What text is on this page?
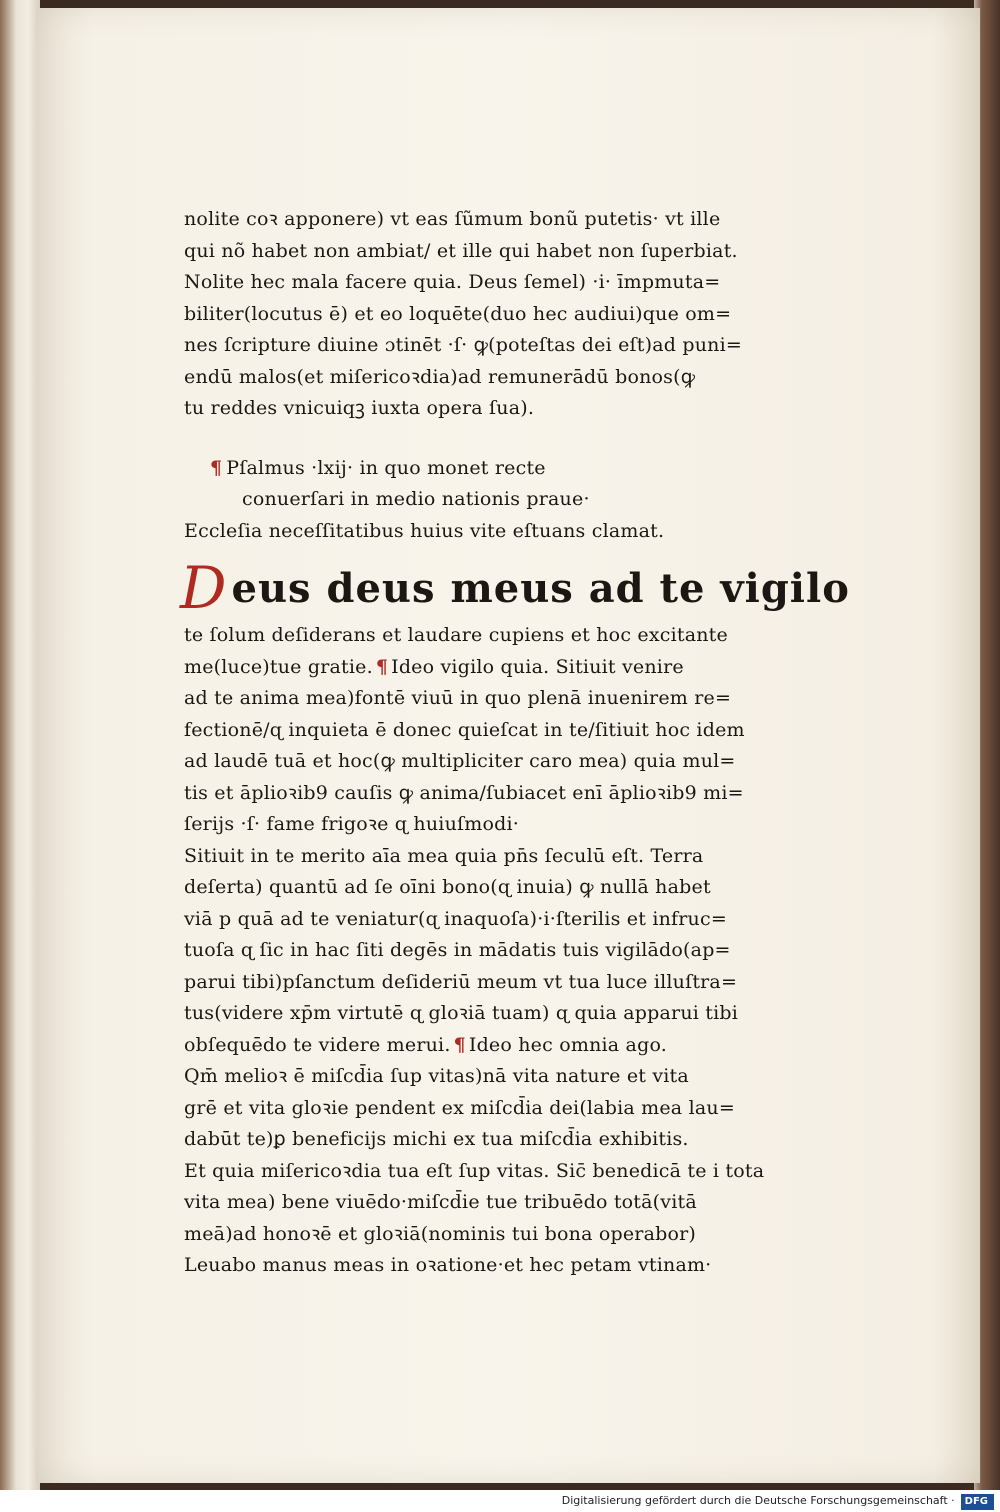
nolite coꝛ apponere) vt eas ſũmum bonũ putetis· vt ille
qui nõ habet non ambiat/ et ille qui habet non ſuperbiat.
Nolite hec mala facere quia. Deus ſemel) ·i· īmpmuta=
biliter(locutus ē) et eo loquēte(duo hec audiui)que om=
nes ſcripture diuine ɔtinēt ·ſ· ꝙ(poteſtas dei eſt)ad puni=
endū malos(et miſericoꝛdia)ad remunerādū bonos(ꝙ
tu reddes vnicuiqꝫ iuxta opera ſua).
¶ Pſalmus ·lxij· in quo monet recte
conuerſari in medio nationis praue·
Eccleſia neceſſitatibus huius vite eſtuans clamat.
D eus deus meus ad te vigilo
te ſolum deſiderans et laudare cupiens et hoc excitante
me(luce)tue gratie. ¶ Ideo vigilo quia. Sitiuit venire
ad te anima mea)fontē viuū in quo plenā inuenirem re=
fectionē/ɋ inquieta ē donec quieſcat in te/ſitiuit hoc idem
ad laudē tuā et hoc(ꝙ multipliciter caro mea) quia mul=
tis et āplioꝛib9 cauſis ꝙ anima/ſubiacet enī āplioꝛib9 mi=
ſerijs ·ſ· fame frigoꝛe ɋ huiuſmodi·
Sitiuit in te merito aīa mea quia pn̄s ſeculū eſt. Terra
deſerta) quantū ad ſe oīni bono(ɋ inuia) ꝙ nullā habet
viā p quā ad te veniatur(ɋ inaquoſa)·i·ſterilis et infruc=
tuoſa ɋ ſic in hac ſiti degēs in mādatis tuis vigilādo(ap=
parui tibi)pſanctum deſideriū meum vt tua luce illuſtra=
tus(videre xp̄m virtutē ɋ gloꝛiā tuam) ɋ quia apparui tibi
obſequēdo te videre merui. ¶ Ideo hec omnia ago.
Qm̄ melioꝛ ē miſcd̄ia ſup vitas)nā vita nature et vita
grē et vita gloꝛie pendent ex miſcd̄ia dei(labia mea lau=
dabūt te)ꝑ beneficijs michi ex tua miſcd̄ia exhibitis.
Et quia miſericoꝛdia tua eſt ſup vitas. Sic̄ benedicā te i tota
vita mea) bene viuēdo·miſcd̄ie tue tribuēdo totā(vitā
meā)ad honoꝛē et gloꝛiā(nominis tui bona operabor)
Leuabo manus meas in oꝛatione·et hec petam vtinam·
Digitalisierung gefördert durch die Deutsche Forschungsgemeinschaft · DFG
